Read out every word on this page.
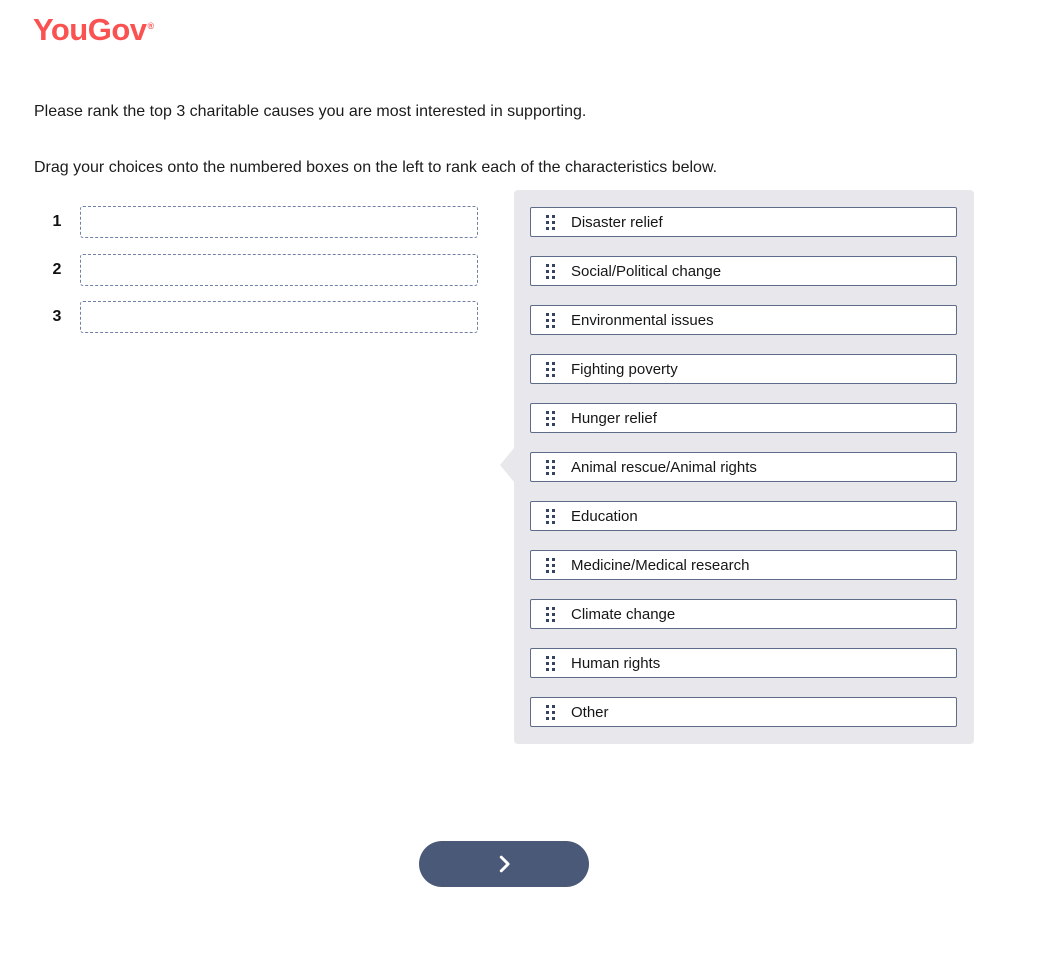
YouGov®
Please rank the top 3 charitable causes you are most interested in supporting.
Drag your choices onto the numbered boxes on the left to rank each of the characteristics below.
1
2
3
Disaster relief
Social/Political change
Environmental issues
Fighting poverty
Hunger relief
Animal rescue/Animal rights
Education
Medicine/Medical research
Climate change
Human rights
Other
